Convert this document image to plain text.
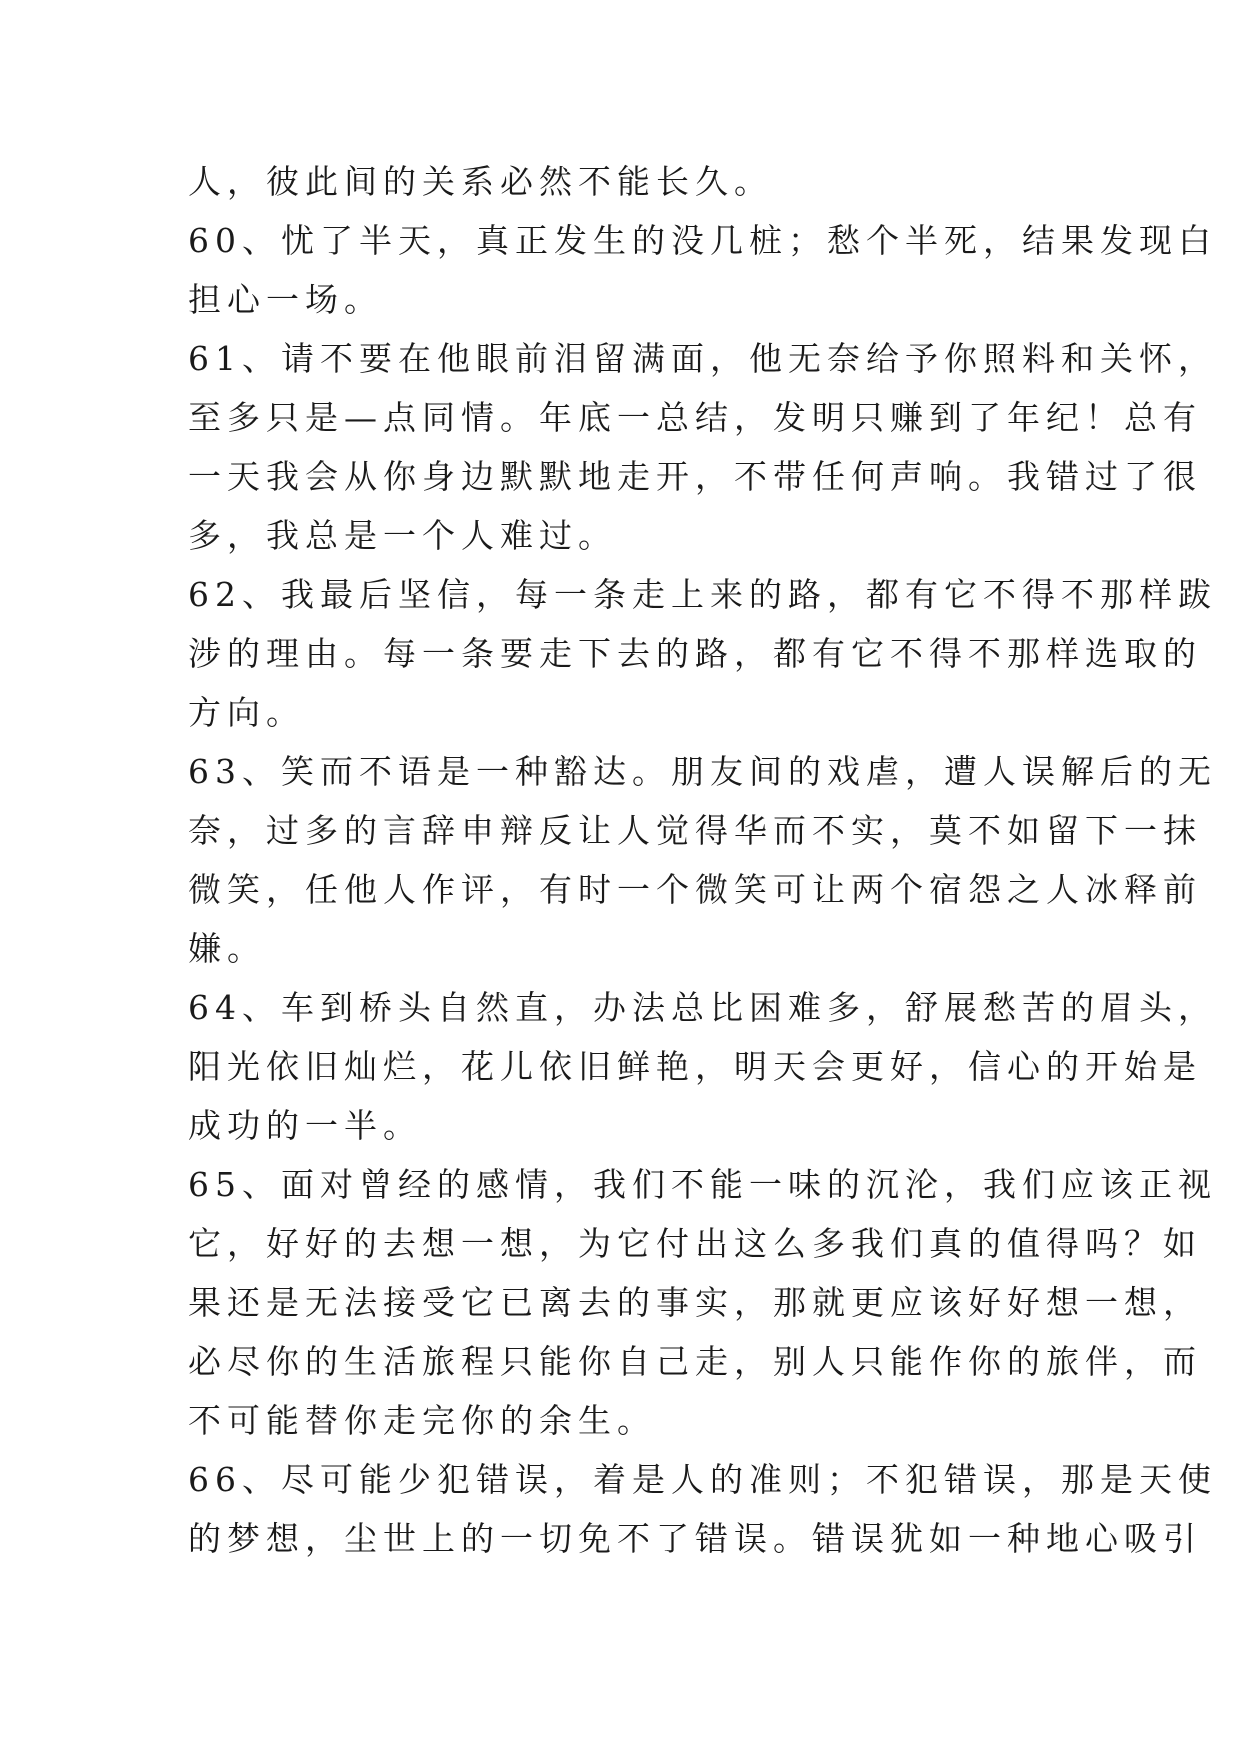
人，彼此间的关系必然不能长久。
60、忧了半天，真正发生的没几桩；愁个半死，结果发现白
担心一场。
61、请不要在他眼前泪留满面，他无奈给予你照料和关怀，
至多只是—点同情。年底一总结，发明只赚到了年纪！总有
一天我会从你身边默默地走开，不带任何声响。我错过了很
多，我总是一个人难过。
62、我最后坚信，每一条走上来的路，都有它不得不那样跋
涉的理由。每一条要走下去的路，都有它不得不那样选取的
方向。
63、笑而不语是一种豁达。朋友间的戏虐，遭人误解后的无
奈，过多的言辞申辩反让人觉得华而不实，莫不如留下一抹
微笑，任他人作评，有时一个微笑可让两个宿怨之人冰释前
嫌。
64、车到桥头自然直，办法总比困难多，舒展愁苦的眉头，
阳光依旧灿烂，花儿依旧鲜艳，明天会更好，信心的开始是
成功的一半。
65、面对曾经的感情，我们不能一味的沉沦，我们应该正视
它，好好的去想一想，为它付出这么多我们真的值得吗？如
果还是无法接受它已离去的事实，那就更应该好好想一想，
必尽你的生活旅程只能你自己走，别人只能作你的旅伴，而
不可能替你走完你的余生。
66、尽可能少犯错误，着是人的准则；不犯错误，那是天使
的梦想，尘世上的一切免不了错误。错误犹如一种地心吸引
